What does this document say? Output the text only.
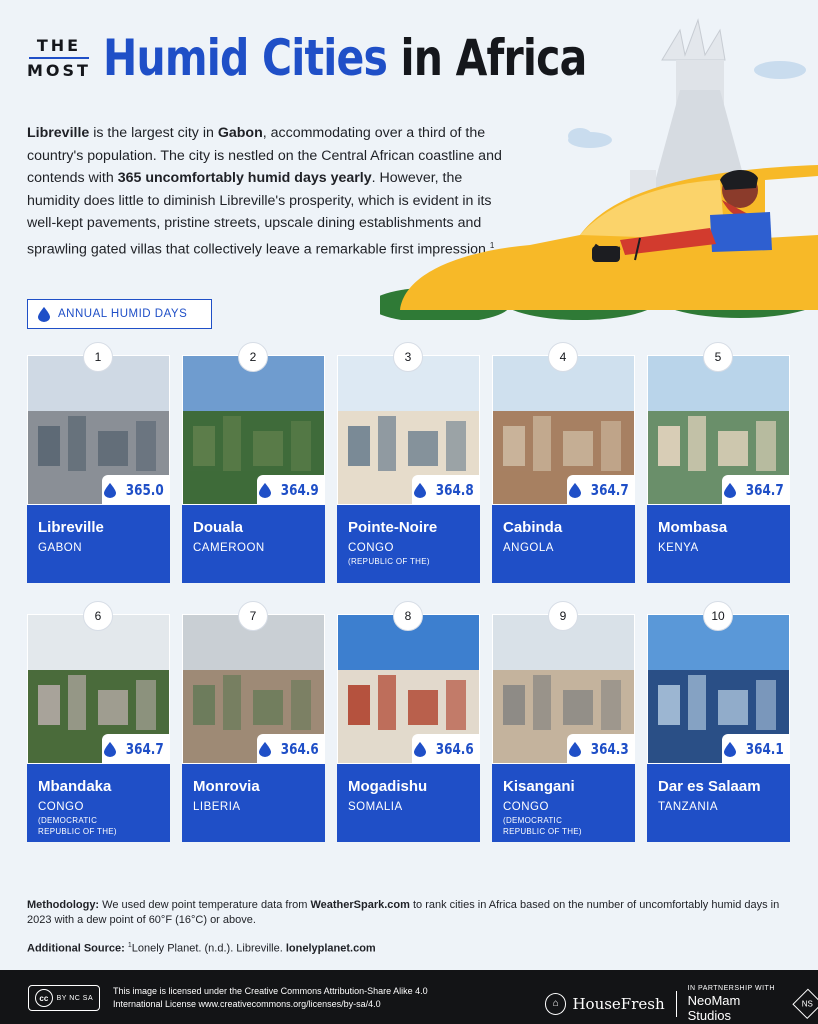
THE
MOST Humid Cities in Africa

Libreville is the largest city in Gabon, accommodating over a third of the country's population. The city is nestled on the Central African coastline and contends with 365 uncomfortably humid days yearly. However, the humidity does little to diminish Libreville's prosperity, which is evident in its well-kept pavements, pristine streets, upscale dining establishments and sprawling gated villas that collectively leave a remarkable first impression.$^1$

ANNUAL HUMID DAYS
1
365.0
Libreville
GABON
2
364.9
Douala
CAMEROON
3
364.8
Pointe-Noire
CONGO
(REPUBLIC OF THE)
4
364.7
Cabinda
ANGOLA
5
364.7
Mombasa
KENYA
6
364.7
Mbandaka
CONGO
(DEMOCRATIC
REPUBLIC OF THE)
7
364.6
Monrovia
LIBERIA
8
364.6
Mogadishu
SOMALIA
9
364.3
Kisangani
CONGO
(DEMOCRATIC
REPUBLIC OF THE)
10
364.1
Dar es Salaam
TANZANIA

Methodology: We used dew point temperature data from WeatherSpark.com to rank cities in Africa based on the number of uncomfortably humid days in 2023 with a dew point of 60°F (16°C) or above.

Additional Source: $^1$Lonely Planet. (n.d.). Libreville. lonelyplanet.com

cc	BY NC SA
This image is licensed under the Creative Commons Attribution-Share Alike 4.0
International License www.creativecommons.org/licenses/by-sa/4.0	⌂ HouseFresh
IN PARTNERSHIP WITH
NeoMam Studios
NS
